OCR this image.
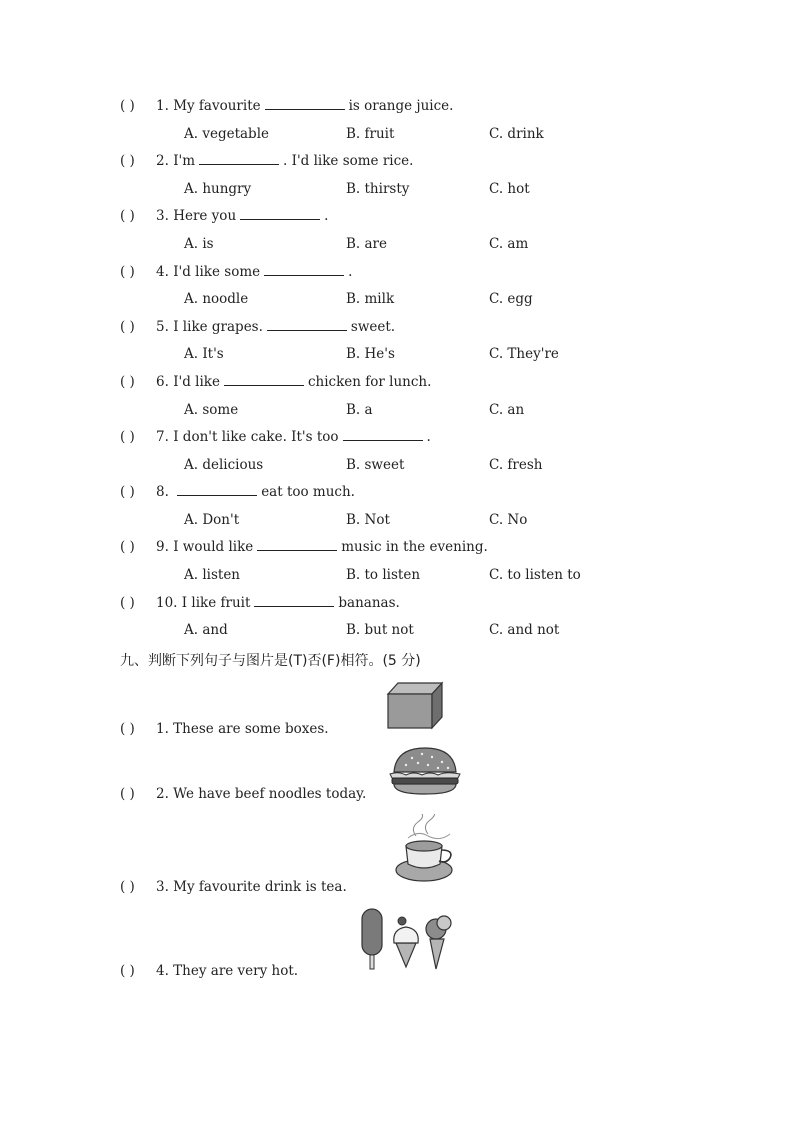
( ) 1. My favourite	is orange juice.
A. vegetable	B. fruit	C. drink
( ) 2. I'm	. I'd like some rice.
A. hungry	B. thirsty	C. hot
( ) 3. Here you	.
A. is	B. are	C. am
( ) 4. I'd like some	.
A. noodle	B. milk	C. egg
( ) 5. I like grapes.	sweet.
A. It's	B. He's	C. They're
( ) 6. I'd like	chicken for lunch.
A. some	B. a	C. an
( ) 7. I don't like cake. It's too	.
A. delicious	B. sweet	C. fresh
( ) 8.	eat too much.
A. Don't	B. Not	C. No
( ) 9. I would like	music in the evening.
A. listen	B. to listen	C. to listen to
( ) 10. I like fruit	bananas.
A. and	B. but not	C. and not
九、判断下列句子与图片是(T)否(F)相符。(5 分)
( ) 1. These are some boxes.
( ) 2. We have beef noodles today.
( ) 3. My favourite drink is tea.
( ) 4. They are very hot.
